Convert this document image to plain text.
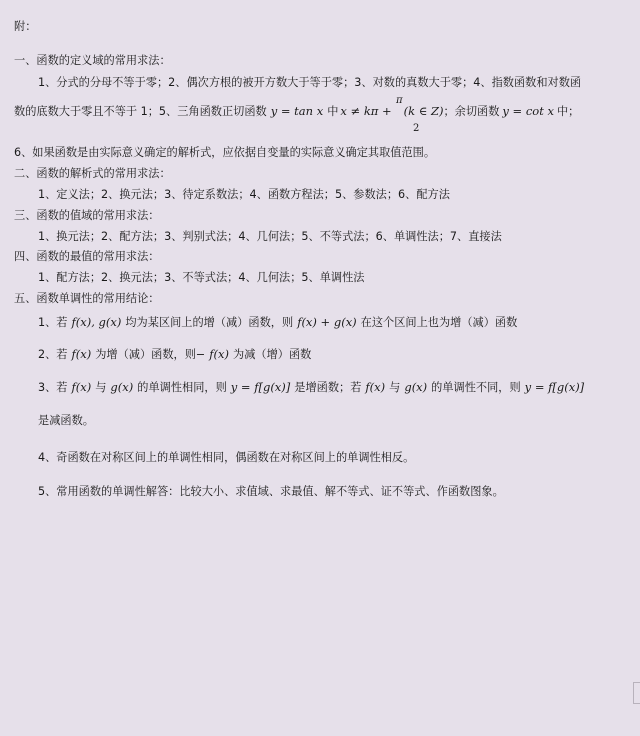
附：
一、函数的定义域的常用求法：
1、分式的分母不等于零；2、偶次方根的被开方数大于等于零；3、对数的真数大于零；4、指数函数和对数函
数的底数大于零且不等于 1；5、三角函数正切函数 y = tan x 中 x ≠ kπ + (k ∈ Z)；余切函数 y = cot x 中；
π
2
6、如果函数是由实际意义确定的解析式，应依据自变量的实际意义确定其取值范围。
二、函数的解析式的常用求法：
1、定义法；2、换元法；3、待定系数法；4、函数方程法；5、参数法；6、配方法
三、函数的值域的常用求法：
1、换元法；2、配方法；3、判别式法；4、几何法；5、不等式法；6、单调性法；7、直接法
四、函数的最值的常用求法：
1、配方法；2、换元法；3、不等式法；4、几何法；5、单调性法
五、函数单调性的常用结论：
1、若 f(x), g(x) 均为某区间上的增（减）函数，则 f(x) + g(x) 在这个区间上也为增（减）函数
2、若 f(x) 为增（减）函数，则− f(x) 为减（增）函数
3、若 f(x) 与 g(x) 的单调性相同，则 y = f[g(x)] 是增函数；若 f(x) 与 g(x) 的单调性不同，则 y = f[g(x)]
是减函数。
4、奇函数在对称区间上的单调性相同，偶函数在对称区间上的单调性相反。
5、常用函数的单调性解答：比较大小、求值域、求最值、解不等式、证不等式、作函数图象。
